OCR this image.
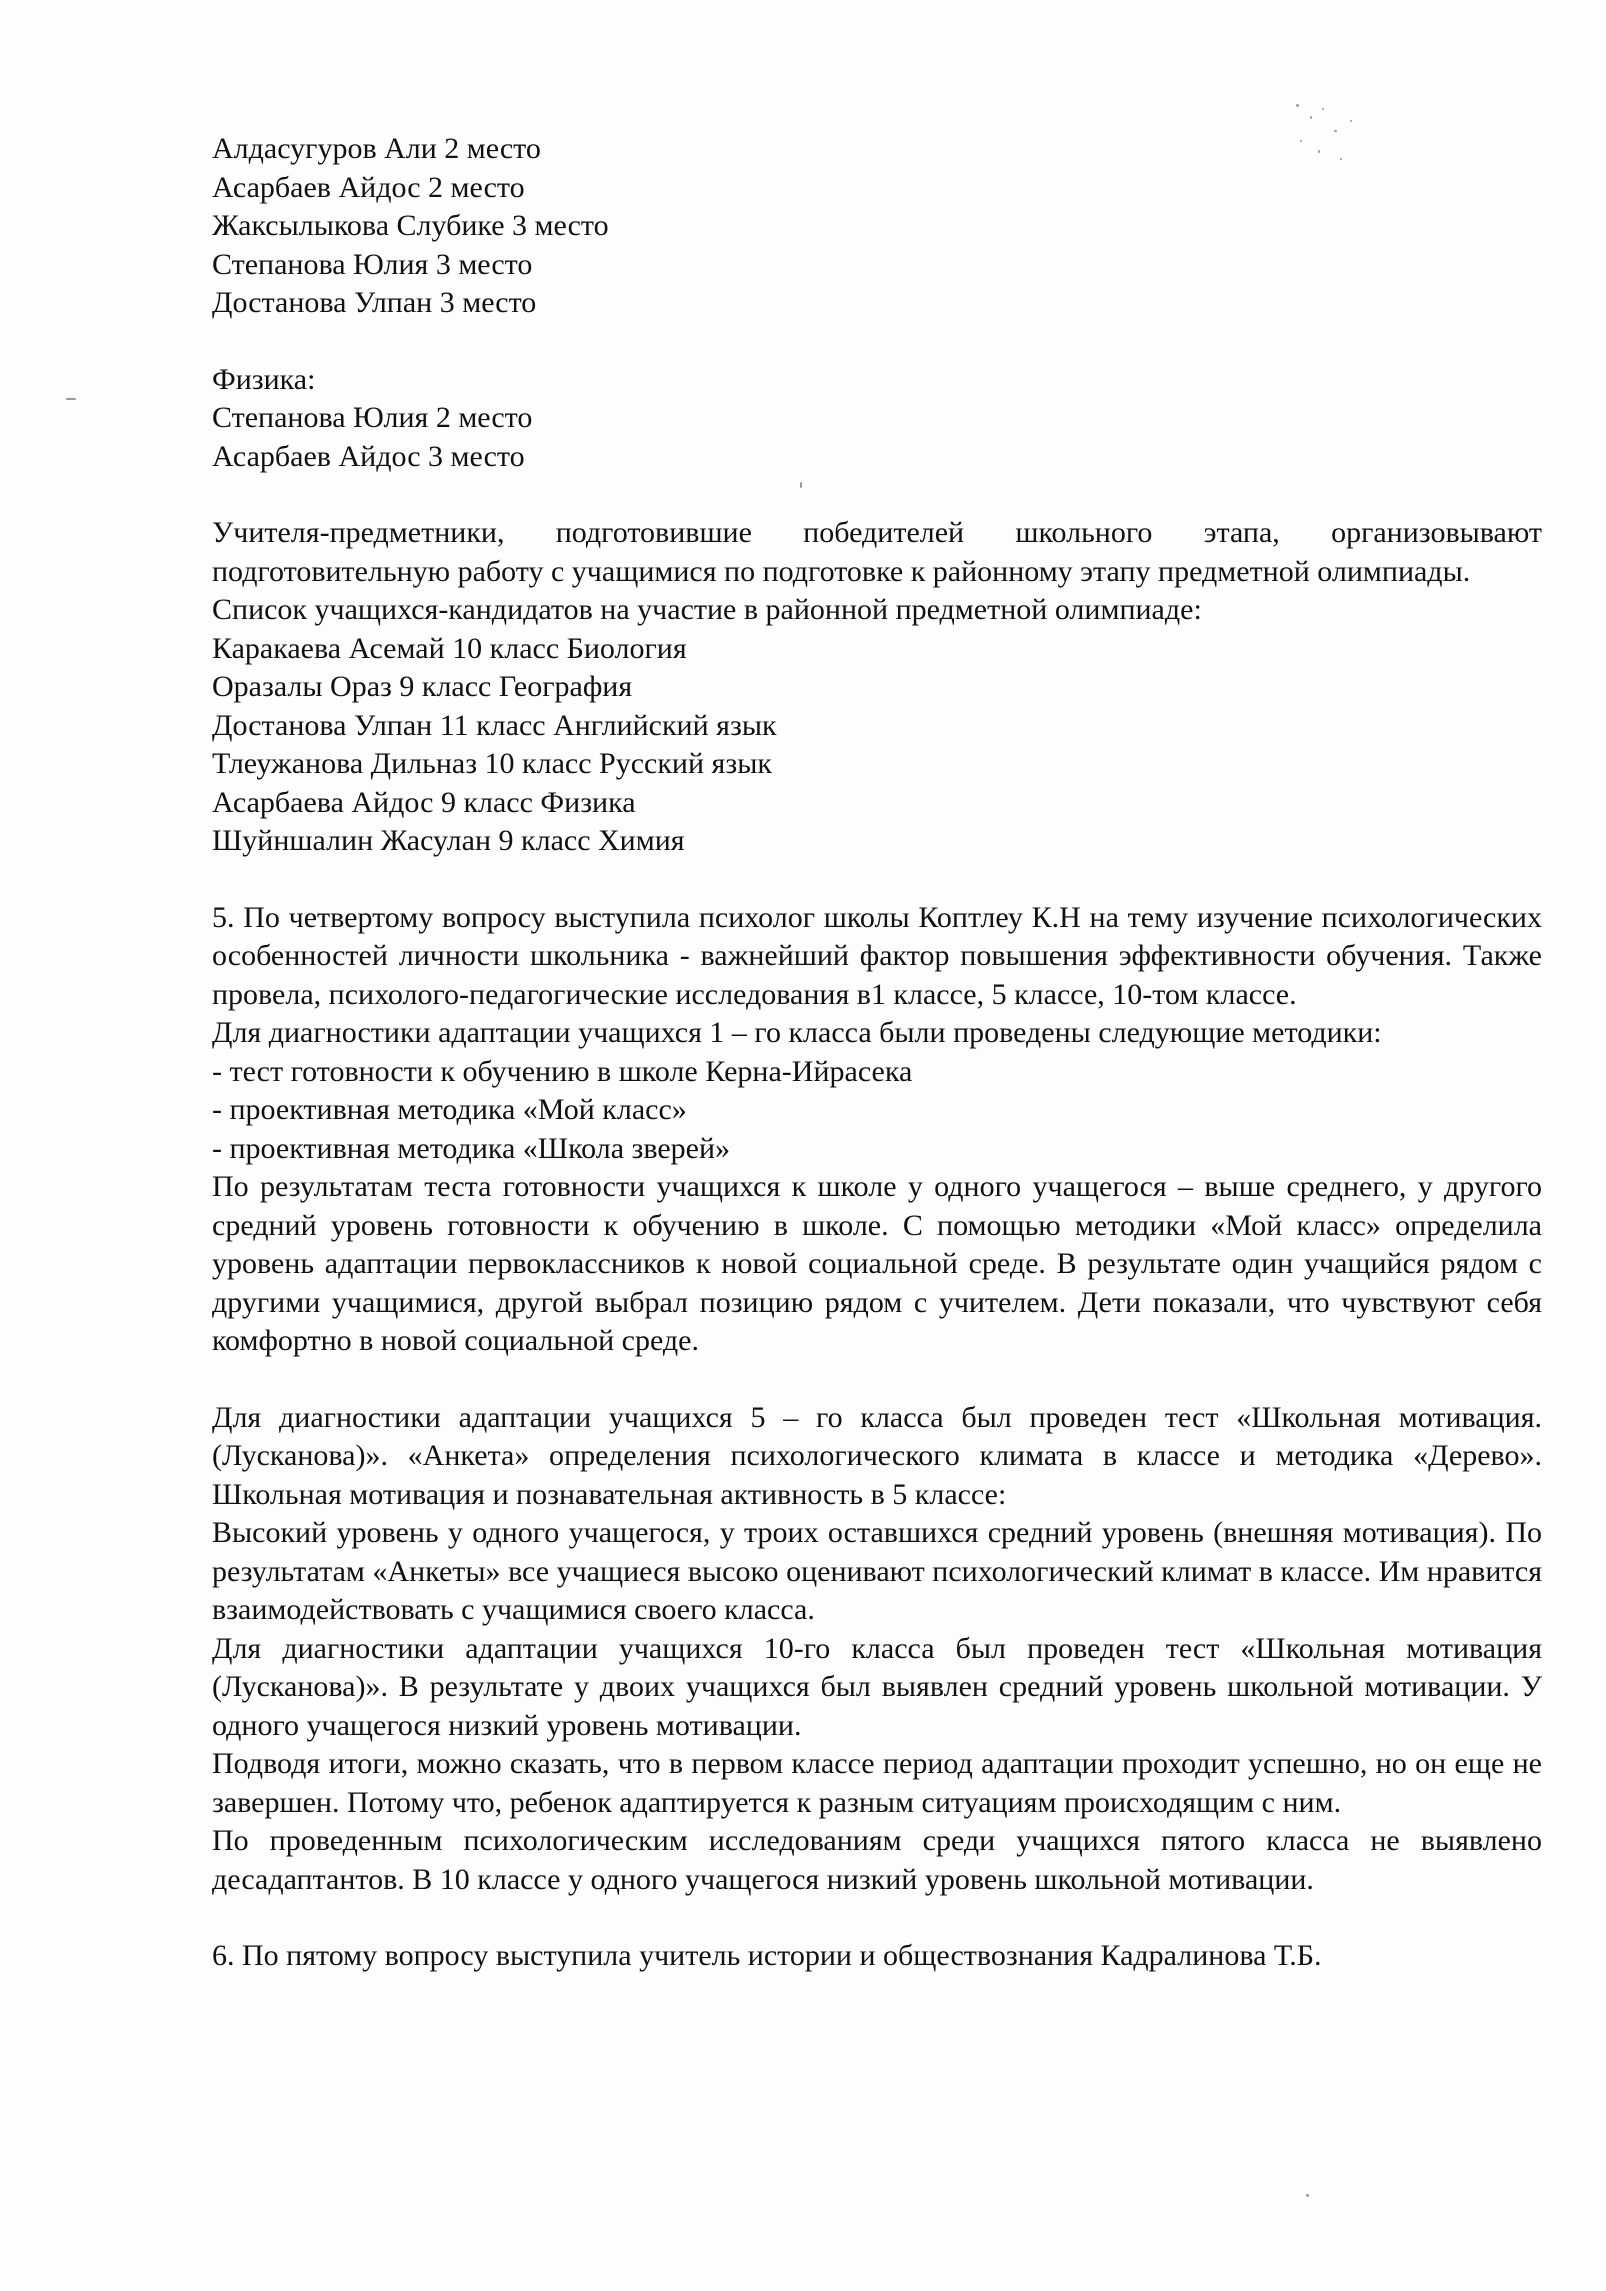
Алдасугуров Али 2 место
Асарбаев Айдос 2 место
Жаксылыкова Слубике 3 место
Степанова Юлия 3 место
Достанова Улпан 3 место
Физика:
Степанова Юлия 2 место
Асарбаев Айдос 3 место
Учителя-предметники, подготовившие победителей школьного этапа, организовывают подготовительную работу с учащимися по подготовке к районному этапу предметной олимпиады.
Список учащихся-кандидатов на участие в районной предметной олимпиаде:
Каракаева Асемай 10 класс Биология
Оразалы Ораз 9 класс География
Достанова Улпан 11 класс Английский язык
Тлеужанова Дильназ 10 класс Русский язык
Асарбаева Айдос 9 класс Физика
Шуйншалин Жасулан 9 класс Химия
5. По четвертому вопросу выступила психолог школы Коптлеу К.Н на тему изучение психологических особенностей личности школьника - важнейший фактор повышения эффективности обучения. Также провела, психолого-педагогические исследования в1 классе, 5 классе, 10-том классе.
Для диагностики адаптации учащихся 1 – го класса были проведены следующие методики:
- тест готовности к обучению в школе Керна-Ийрасека
- проективная методика «Мой класс»
- проективная методика «Школа зверей»
По результатам теста готовности учащихся к школе у одного учащегося – выше среднего, у другого средний уровень готовности к обучению в школе. С помощью методики «Мой класс» определила уровень адаптации первоклассников к новой социальной среде. В результате один учащийся рядом с другими учащимися, другой выбрал позицию рядом с учителем. Дети показали, что чувствуют себя комфортно в новой социальной среде.
Для диагностики адаптации учащихся 5 – го класса был проведен тест «Школьная мотивация. (Лусканова)». «Анкета» определения психологического климата в классе и методика «Дерево». Школьная мотивация и познавательная активность в 5 классе:
Высокий уровень у одного учащегося, у троих оставшихся средний уровень (внешняя мотивация). По результатам «Анкеты» все учащиеся высоко оценивают психологический климат в классе. Им нравится взаимодействовать с учащимися своего класса.
Для диагностики адаптации учащихся 10-го класса был проведен тест «Школьная мотивация (Лусканова)». В результате у двоих учащихся был выявлен средний уровень школьной мотивации. У одного учащегося низкий уровень мотивации.
Подводя итоги, можно сказать, что в первом классе период адаптации проходит успешно, но он еще не завершен. Потому что, ребенок адаптируется к разным ситуациям происходящим с ним.
По проведенным психологическим исследованиям среди учащихся пятого класса не выявлено десадаптантов. В 10 классе у одного учащегося низкий уровень школьной мотивации.
6. По пятому вопросу выступила учитель истории и обществознания Кадралинова Т.Б.
